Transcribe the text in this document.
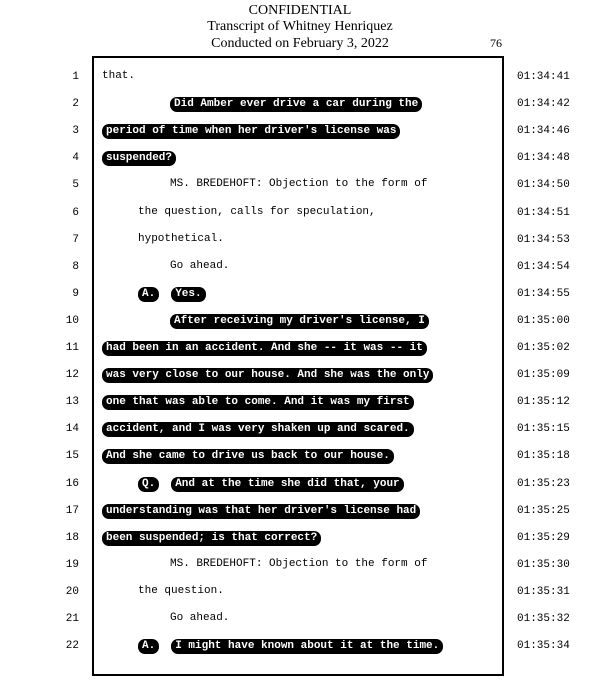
CONFIDENTIAL
Transcript of Whitney Henriquez
Conducted on February 3, 2022	76
1 that.	01:34:41
2	Did Amber ever drive a car during the	01:34:42
3	period of time when her driver's license was	01:34:46
4	suspended?	01:34:48
5	MS. BREDEHOFT: Objection to the form of	01:34:50
6	the question, calls for speculation,	01:34:51
7	hypothetical.	01:34:53
8	Go ahead.	01:34:54
9	A. Yes.	01:34:55
10	After receiving my driver's license, I	01:35:00
11	had been in an accident. And she -- it was -- it	01:35:02
12	was very close to our house. And she was the only	01:35:09
13	one that was able to come. And it was my first	01:35:12
14	accident, and I was very shaken up and scared.	01:35:15
15	And she came to drive us back to our house.	01:35:18
16	Q. And at the time she did that, your	01:35:23
17	understanding was that her driver's license had	01:35:25
18	been suspended; is that correct?	01:35:29
19	MS. BREDEHOFT: Objection to the form of	01:35:30
20	the question.	01:35:31
21	Go ahead.	01:35:32
22	A. I might have known about it at the time.	01:35:34
